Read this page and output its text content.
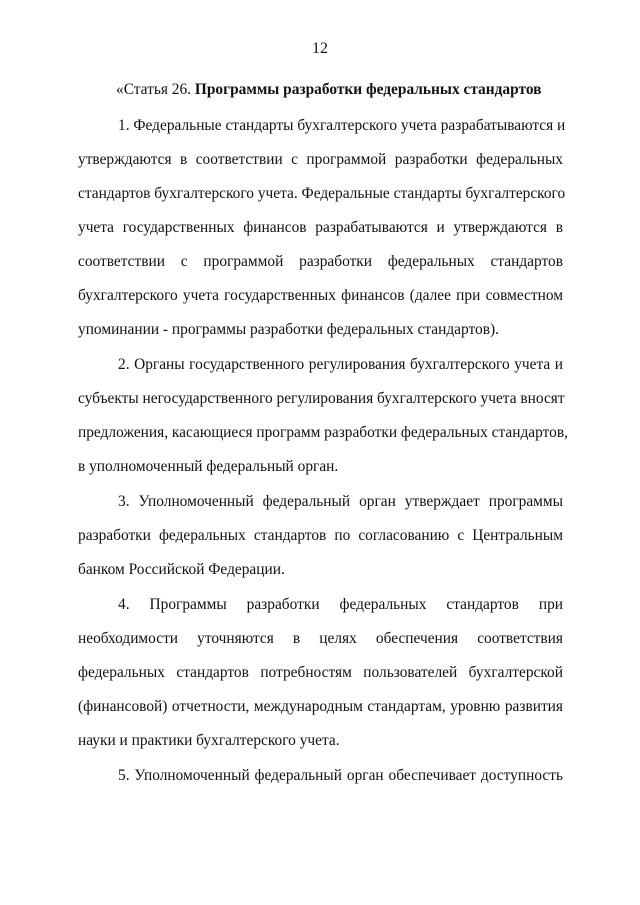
12
«Статья 26. Программы разработки федеральных стандартов
1. Федеральные стандарты бухгалтерского учета разрабатываются и
утверждаются в соответствии с программой разработки федеральных
стандартов бухгалтерского учета. Федеральные стандарты бухгалтерского
учета государственных финансов разрабатываются и утверждаются в
соответствии с программой разработки федеральных стандартов
бухгалтерского учета государственных финансов (далее при совместном
упоминании - программы разработки федеральных стандартов).
2. Органы государственного регулирования бухгалтерского учета и
субъекты негосударственного регулирования бухгалтерского учета вносят
предложения, касающиеся программ разработки федеральных стандартов,
в уполномоченный федеральный орган.
3. Уполномоченный федеральный орган утверждает программы
разработки федеральных стандартов по согласованию с Центральным
банком Российской Федерации.
4. Программы разработки федеральных стандартов при
необходимости уточняются в целях обеспечения соответствия
федеральных стандартов потребностям пользователей бухгалтерской
(финансовой) отчетности, международным стандартам, уровню развития
науки и практики бухгалтерского учета.
5. Уполномоченный федеральный орган обеспечивает доступность
